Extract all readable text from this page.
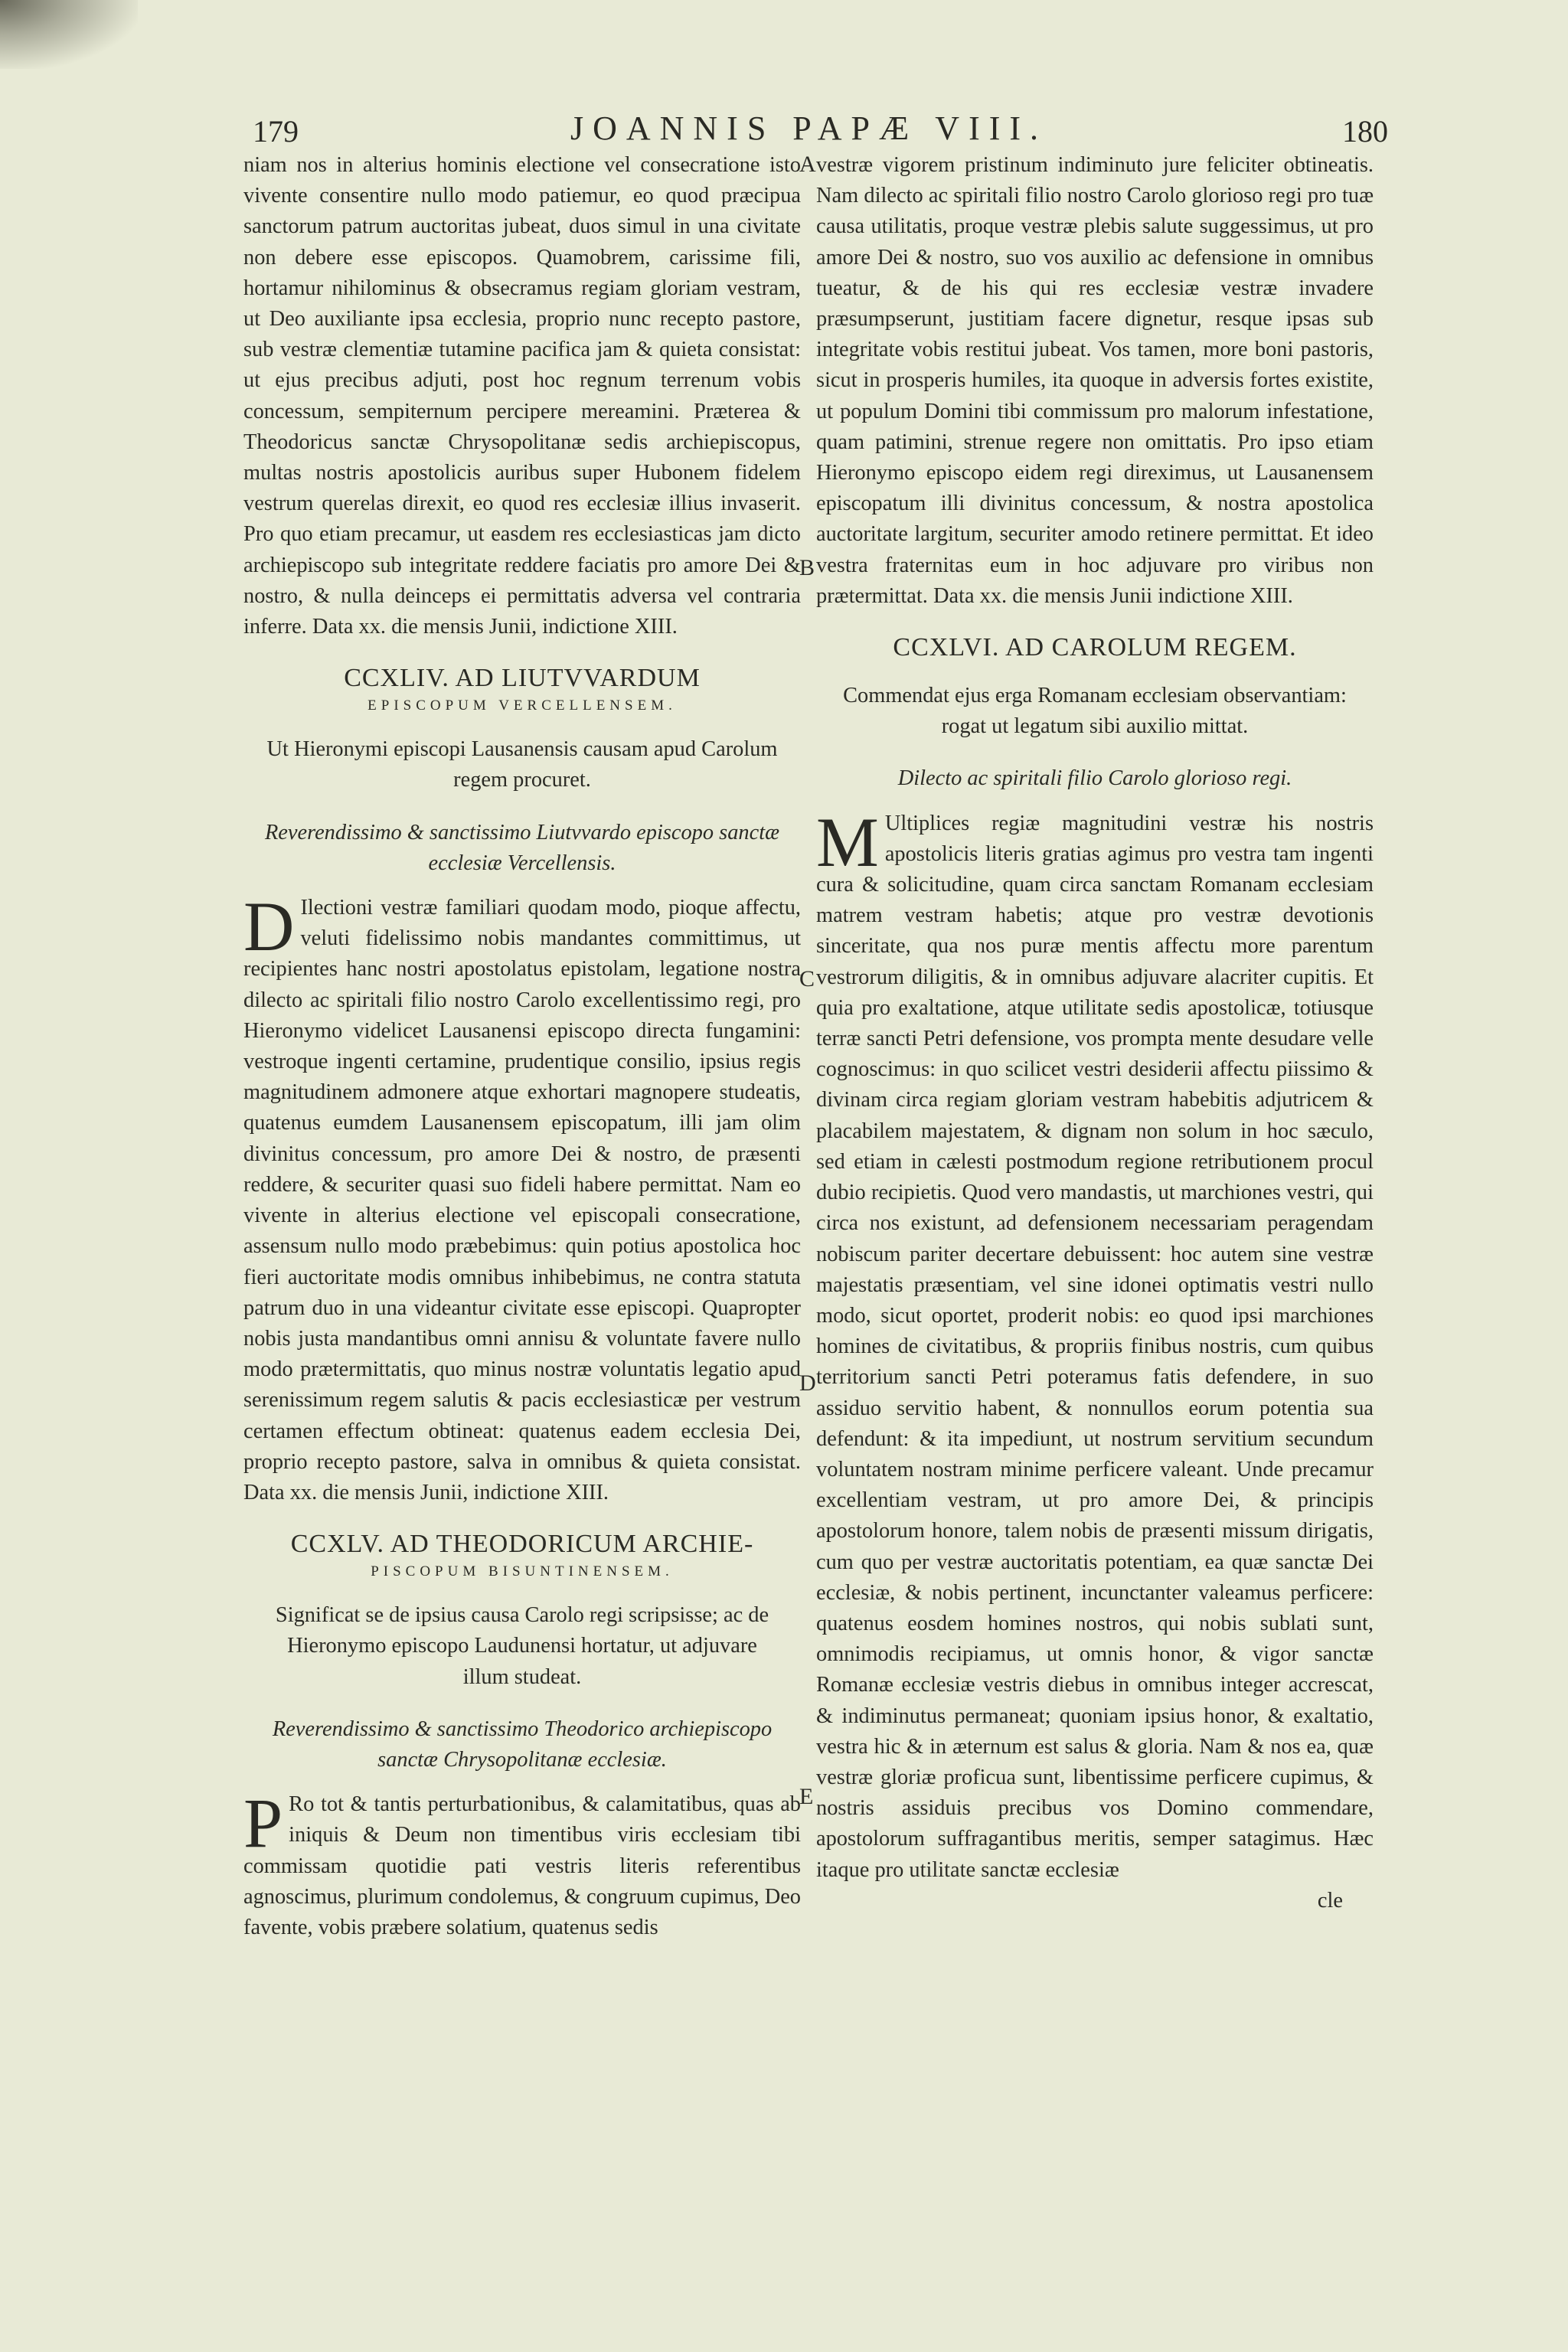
179	JOANNIS PAPÆ VIII.	180

niam nos in alterius hominis electione vel consecratione isto vivente consentire nullo modo patiemur, eo quod præcipua sanctorum patrum auctoritas jubeat, duos simul in una civitate non debere esse episcopos. Quamobrem, carissime fili, hortamur nihilominus & obsecramus regiam gloriam vestram, ut Deo auxiliante ipsa ecclesia, proprio nunc recepto pastore, sub vestræ clementiæ tutamine pacifica jam & quieta consistat: ut ejus precibus adjuti, post hoc regnum terrenum vobis concessum, sempiternum percipere mereamini. Præterea & Theodoricus sanctæ Chrysopolitanæ sedis archiepiscopus, multas nostris apostolicis auribus super Hubonem fidelem vestrum querelas direxit, eo quod res ecclesiæ illius invaserit. Pro quo etiam precamur, ut easdem res ecclesiasticas jam dicto archiepiscopo sub integritate reddere faciatis pro amore Dei & nostro, & nulla deinceps ei permittatis adversa vel contraria inferre. Data xx. die mensis Junii, indictione XIII.

CCXLIV. AD LIUTVVARDUM
EPISCOPUM VERCELLENSEM.
Ut Hieronymi episcopi Lausanensis causam apud Carolum regem procuret.
Reverendissimo & sanctissimo Liutvvardo episcopo sanctæ ecclesiæ Vercellensis.

D Ilectioni vestræ familiari quodam modo, pioque affectu, veluti fidelissimo nobis mandantes committimus, ut recipientes hanc nostri apostolatus epistolam, legatione nostra dilecto ac spiritali filio nostro Carolo excellentissimo regi, pro Hieronymo videlicet Lausanensi episcopo directa fungamini: vestroque ingenti certamine, prudentique consilio, ipsius regis magnitudinem admonere atque exhortari magnopere studeatis, quatenus eumdem Lausanensem episcopatum, illi jam olim divinitus concessum, pro amore Dei & nostro, de præsenti reddere, & securiter quasi suo fideli habere permittat. Nam eo vivente in alterius electione vel episcopali consecratione, assensum nullo modo præbebimus: quin potius apostolica hoc fieri auctoritate modis omnibus inhibebimus, ne contra statuta patrum duo in una videantur civitate esse episcopi. Quapropter nobis justa mandantibus omni annisu & voluntate favere nullo modo prætermittatis, quo minus nostræ voluntatis legatio apud serenissimum regem salutis & pacis ecclesiasticæ per vestrum certamen effectum obtineat: quatenus eadem ecclesia Dei, proprio recepto pastore, salva in omnibus & quieta consistat. Data xx. die mensis Junii, indictione XIII.

CCXLV. AD THEODORICUM ARCHIE-
PISCOPUM BISUNTINENSEM.
Significat se de ipsius causa Carolo regi scripsisse; ac de Hieronymo episcopo Laudunensi hortatur, ut adjuvare illum studeat.
Reverendissimo & sanctissimo Theodorico archiepiscopo sanctæ Chrysopolitanæ ecclesiæ.

P Ro tot & tantis perturbationibus, & calamitatibus, quas ab iniquis & Deum non timentibus viris ecclesiam tibi commissam quotidie pati vestris literis referentibus agnoscimus, plurimum condolemus, & congruum cupimus, Deo favente, vobis præbere solatium, quatenus sedis

vestræ vigorem pristinum indiminuto jure feliciter obtineatis. Nam dilecto ac spiritali filio nostro Carolo glorioso regi pro tuæ causa utilitatis, proque vestræ plebis salute suggessimus, ut pro amore Dei & nostro, suo vos auxilio ac defensione in omnibus tueatur, & de his qui res ecclesiæ vestræ invadere præsumpserunt, justitiam facere dignetur, resque ipsas sub integritate vobis restitui jubeat. Vos tamen, more boni pastoris, sicut in prosperis humiles, ita quoque in adversis fortes existite, ut populum Domini tibi commissum pro malorum infestatione, quam patimini, strenue regere non omittatis. Pro ipso etiam Hieronymo episcopo eidem regi direximus, ut Lausanensem episcopatum illi divinitus concessum, & nostra apostolica auctoritate largitum, securiter amodo retinere permittat. Et ideo vestra fraternitas eum in hoc adjuvare pro viribus non prætermittat. Data xx. die mensis Junii indictione XIII.

CCXLVI. AD CAROLUM REGEM.
Commendat ejus erga Romanam ecclesiam observantiam: rogat ut legatum sibi auxilio mittat.
Dilecto ac spiritali filio Carolo glorioso regi.

M Ultiplices regiæ magnitudini vestræ his nostris apostolicis literis gratias agimus pro vestra tam ingenti cura & solicitudine, quam circa sanctam Romanam ecclesiam matrem vestram habetis; atque pro vestræ devotionis sinceritate, qua nos puræ mentis affectu more parentum vestrorum diligitis, & in omnibus adjuvare alacriter cupitis. Et quia pro exaltatione, atque utilitate sedis apostolicæ, totiusque terræ sancti Petri defensione, vos prompta mente desudare velle cognoscimus: in quo scilicet vestri desiderii affectu piissimo & divinam circa regiam gloriam vestram habebitis adjutricem & placabilem majestatem, & dignam non solum in hoc sæculo, sed etiam in cælesti postmodum regione retributionem procul dubio recipietis. Quod vero mandastis, ut marchiones vestri, qui circa nos existunt, ad defensionem necessariam peragendam nobiscum pariter decertare debuissent: hoc autem sine vestræ majestatis præsentiam, vel sine idonei optimatis vestri nullo modo, sicut oportet, proderit nobis: eo quod ipsi marchiones homines de civitatibus, & propriis finibus nostris, cum quibus territorium sancti Petri poteramus fatis defendere, in suo assiduo servitio habent, & nonnullos eorum potentia sua defendunt: & ita impediunt, ut nostrum servitium secundum voluntatem nostram minime perficere valeant. Unde precamur excellentiam vestram, ut pro amore Dei, & principis apostolorum honore, talem nobis de præsenti missum dirigatis, cum quo per vestræ auctoritatis potentiam, ea quæ sanctæ Dei ecclesiæ, & nobis pertinent, incunctanter valeamus perficere: quatenus eosdem homines nostros, qui nobis sublati sunt, omnimodis recipiamus, ut omnis honor, & vigor sanctæ Romanæ ecclesiæ vestris diebus in omnibus integer accrescat, & indiminutus permaneat; quoniam ipsius honor, & exaltatio, vestra hic & in æternum est salus & gloria. Nam & nos ea, quæ vestræ gloriæ proficua sunt, libentissime perficere cupimus, & nostris assiduis precibus vos Domino commendare, apostolorum suffragantibus meritis, semper satagimus. Hæc itaque pro utilitate sanctæ ecclesiæ

cle
A
B
C
D
E
